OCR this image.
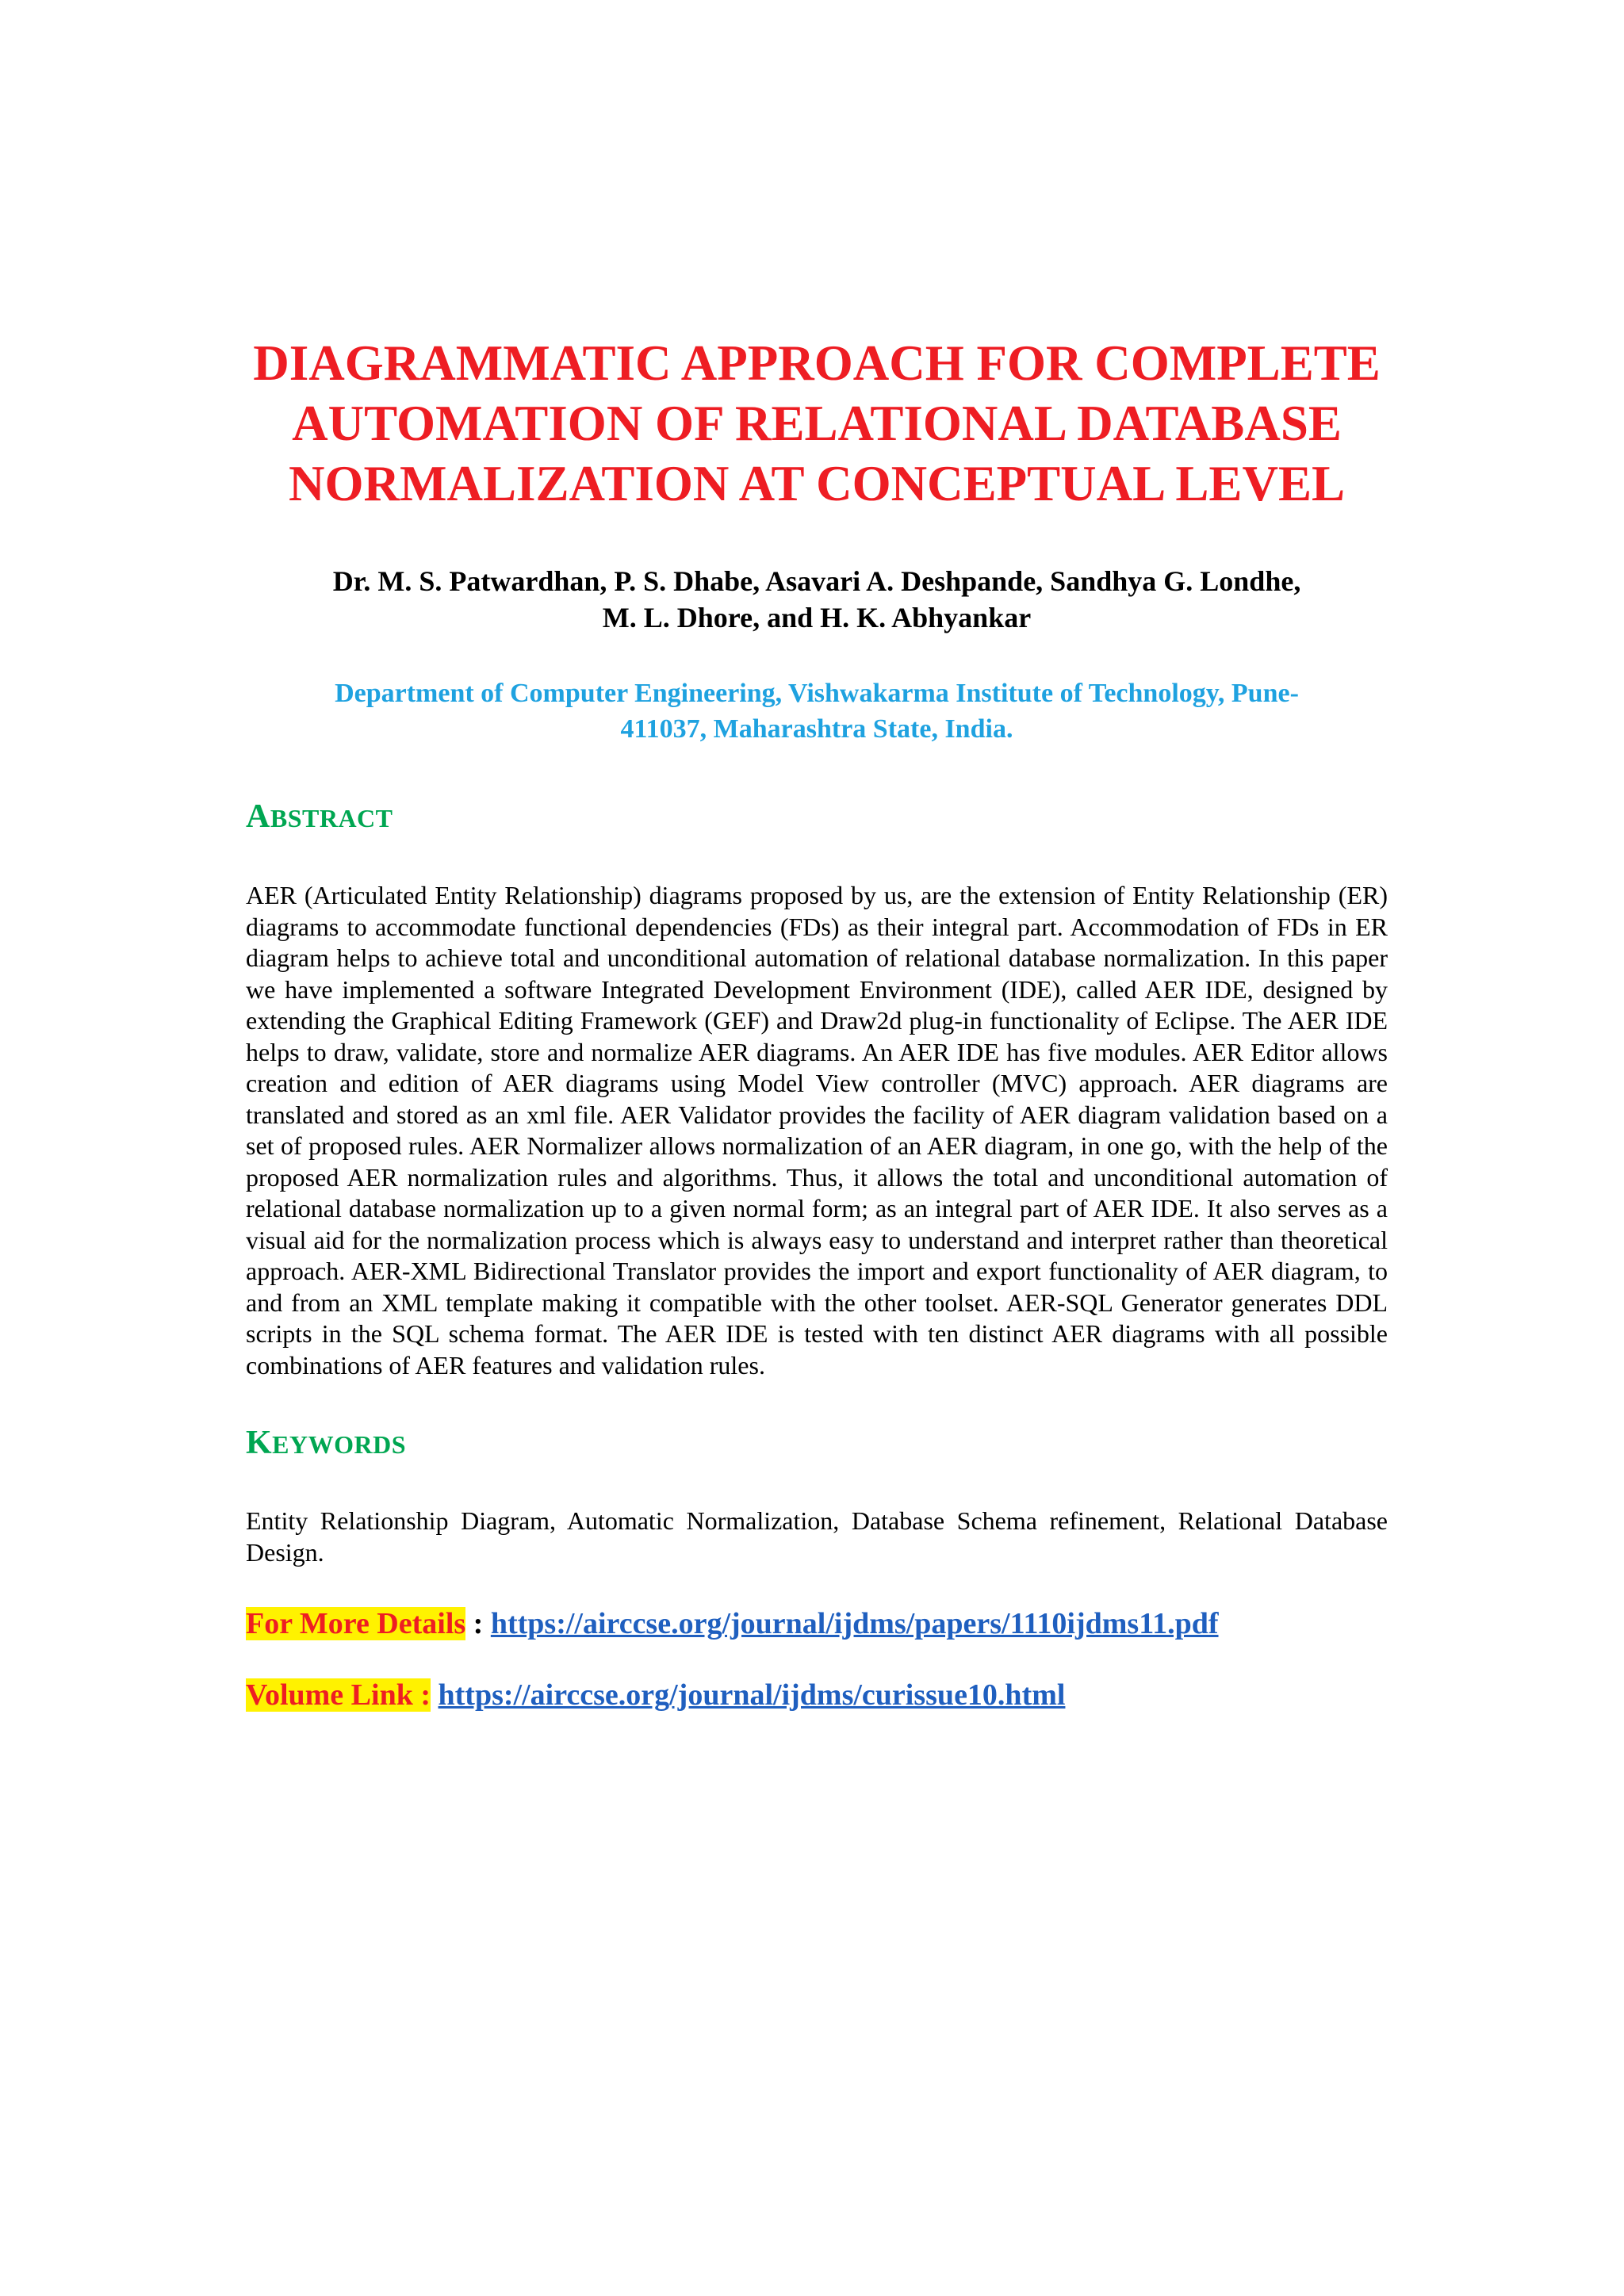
DIAGRAMMATIC APPROACH FOR COMPLETE
AUTOMATION OF RELATIONAL DATABASE
NORMALIZATION AT CONCEPTUAL LEVEL
Dr. M. S. Patwardhan, P. S. Dhabe, Asavari A. Deshpande, Sandhya G. Londhe,
M. L. Dhore, and H. K. Abhyankar
Department of Computer Engineering, Vishwakarma Institute of Technology, Pune-
411037, Maharashtra State, India.
ABSTRACT

AER (Articulated Entity Relationship) diagrams proposed by us, are the extension of Entity Relationship (ER) diagrams to accommodate functional dependencies (FDs) as their integral part. Accommodation of FDs in ER diagram helps to achieve total and unconditional automation of relational database normalization. In this paper we have implemented a software Integrated Development Environment (IDE), called AER IDE, designed by extending the Graphical Editing Framework (GEF) and Draw2d plug-in functionality of Eclipse. The AER IDE helps to draw, validate, store and normalize AER diagrams. An AER IDE has five modules. AER Editor allows creation and edition of AER diagrams using Model View controller (MVC) approach. AER diagrams are translated and stored as an xml file. AER Validator provides the facility of AER diagram validation based on a set of proposed rules. AER Normalizer allows normalization of an AER diagram, in one go, with the help of the proposed AER normalization rules and algorithms. Thus, it allows the total and unconditional automation of relational database normalization up to a given normal form; as an integral part of AER IDE. It also serves as a visual aid for the normalization process which is always easy to understand and interpret rather than theoretical approach. AER-XML Bidirectional Translator provides the import and export functionality of AER diagram, to and from an XML template making it compatible with the other toolset. AER-SQL Generator generates DDL scripts in the SQL schema format. The AER IDE is tested with ten distinct AER diagrams with all possible combinations of AER features and validation rules.

KEYWORDS

Entity Relationship Diagram, Automatic Normalization, Database Schema refinement, Relational Database Design.

For More Details : https://airccse.org/journal/ijdms/papers/1110ijdms11.pdf
Volume Link : https://airccse.org/journal/ijdms/curissue10.html
